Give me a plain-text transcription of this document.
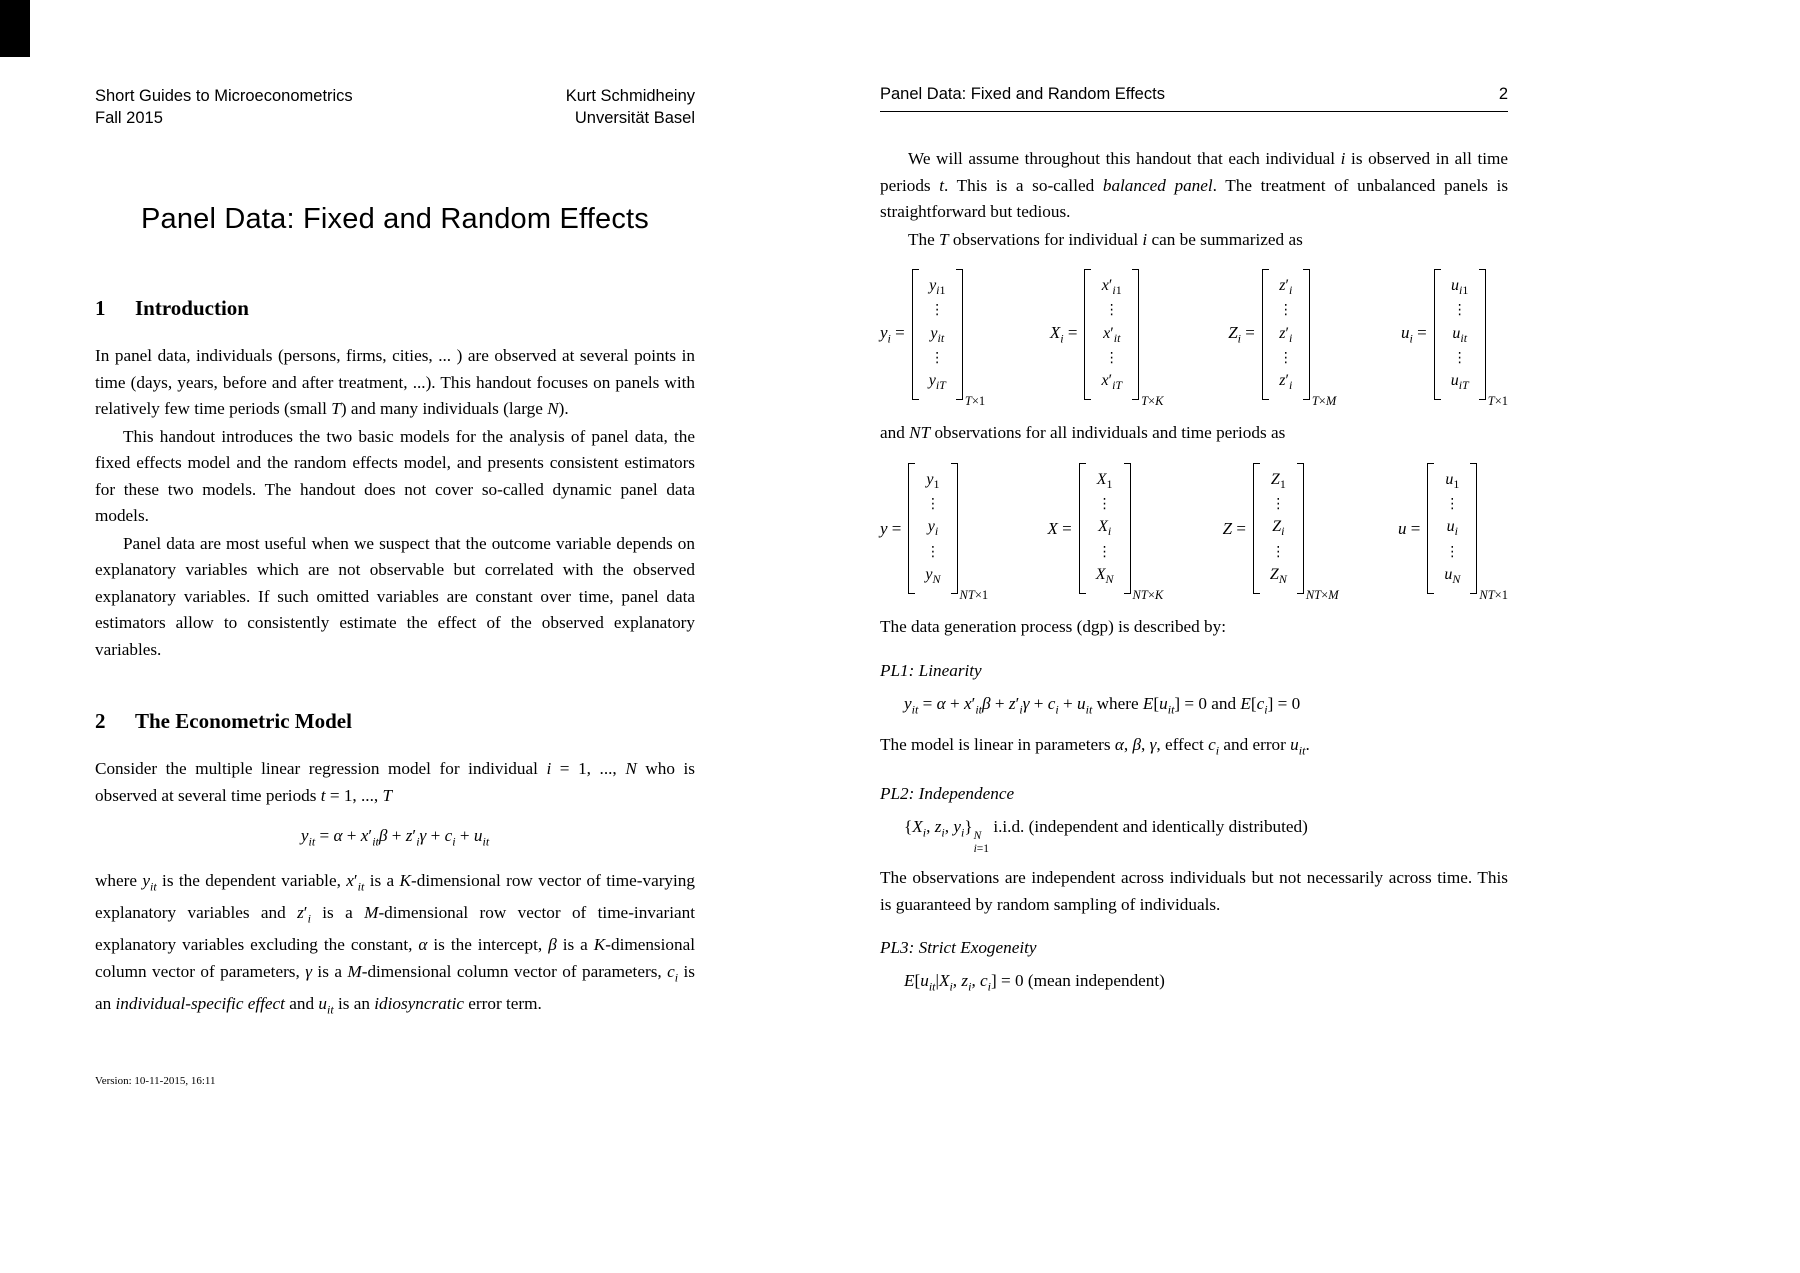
Short Guides to Microeconometrics
Fall 2015
Kurt Schmidheiny
Unversität Basel
Panel Data: Fixed and Random Effects
1 Introduction

In panel data, individuals (persons, firms, cities, ... ) are observed at several points in time (days, years, before and after treatment, ...). This handout focuses on panels with relatively few time periods (small T) and many individuals (large N).

This handout introduces the two basic models for the analysis of panel data, the fixed effects model and the random effects model, and presents consistent estimators for these two models. The handout does not cover so-called dynamic panel data models.

Panel data are most useful when we suspect that the outcome variable depends on explanatory variables which are not observable but correlated with the observed explanatory variables. If such omitted variables are constant over time, panel data estimators allow to consistently estimate the effect of the observed explanatory variables.

2 The Econometric Model

Consider the multiple linear regression model for individual i = 1, ..., N who is observed at several time periods t = 1, ..., T

$y_{it} = \alpha + x'_{it}\beta + z'_i\gamma + c_i + u_{it}$

where $y_{it}$ is the dependent variable, $x'_{it}$ is a K-dimensional row vector of time-varying explanatory variables and $z'_i$ is a M-dimensional row vector of time-invariant explanatory variables excluding the constant, α is the intercept, β is a K-dimensional column vector of parameters, γ is a M-dimensional column vector of parameters, $c_i$ is an individual-specific effect and $u_{it}$ is an idiosyncratic error term.

Version: 10-11-2015, 16:11
Panel Data: Fixed and Random Effects	2

We will assume throughout this handout that each individual i is observed in all time periods t. This is a so-called balanced panel. The treatment of unbalanced panels is straightforward but tedious.

The T observations for individual i can be summarized as

$y_i$ =
$y_{i1}$
⋮
$y_{it}$
⋮
$y_{iT}$
T×1
$X_i$ =
$x'_{i1}$
⋮
$x'_{it}$
⋮
$x'_{iT}$
T×K
$Z_i$ =
$z'_i$
⋮
$z'_i$
⋮
$z'_i$
T×M
$u_i$ =
$u_{i1}$
⋮
$u_{it}$
⋮
$u_{iT}$
T×1

and NT observations for all individuals and time periods as

y =
$y_1$
⋮
$y_i$
⋮
$y_N$
NT×1
X =
$X_1$
⋮
$X_i$
⋮
$X_N$
NT×K
Z =
$Z_1$
⋮
$Z_i$
⋮
$Z_N$
NT×M
u =
$u_1$
⋮
$u_i$
⋮
$u_N$
NT×1

The data generation process (dgp) is described by:

PL1: Linearity

$y_{it} = \alpha + x'_{it}\beta + z'_i\gamma + c_i + u_{it}$ where $E[u_{it}] = 0$ and $E[c_i] = 0$

The model is linear in parameters α, β, γ, effect $c_i$ and error $u_{it}$.

PL2: Independence

{$X_i$, $z_i$, $y_i$} N
i=1
i.i.d. (independent and identically distributed)

The observations are independent across individuals but not necessarily across time. This is guaranteed by random sampling of individuals.

PL3: Strict Exogeneity

$E[u_{it}|X_i$, $z_i$, $c_i] = 0$ (mean independent)
